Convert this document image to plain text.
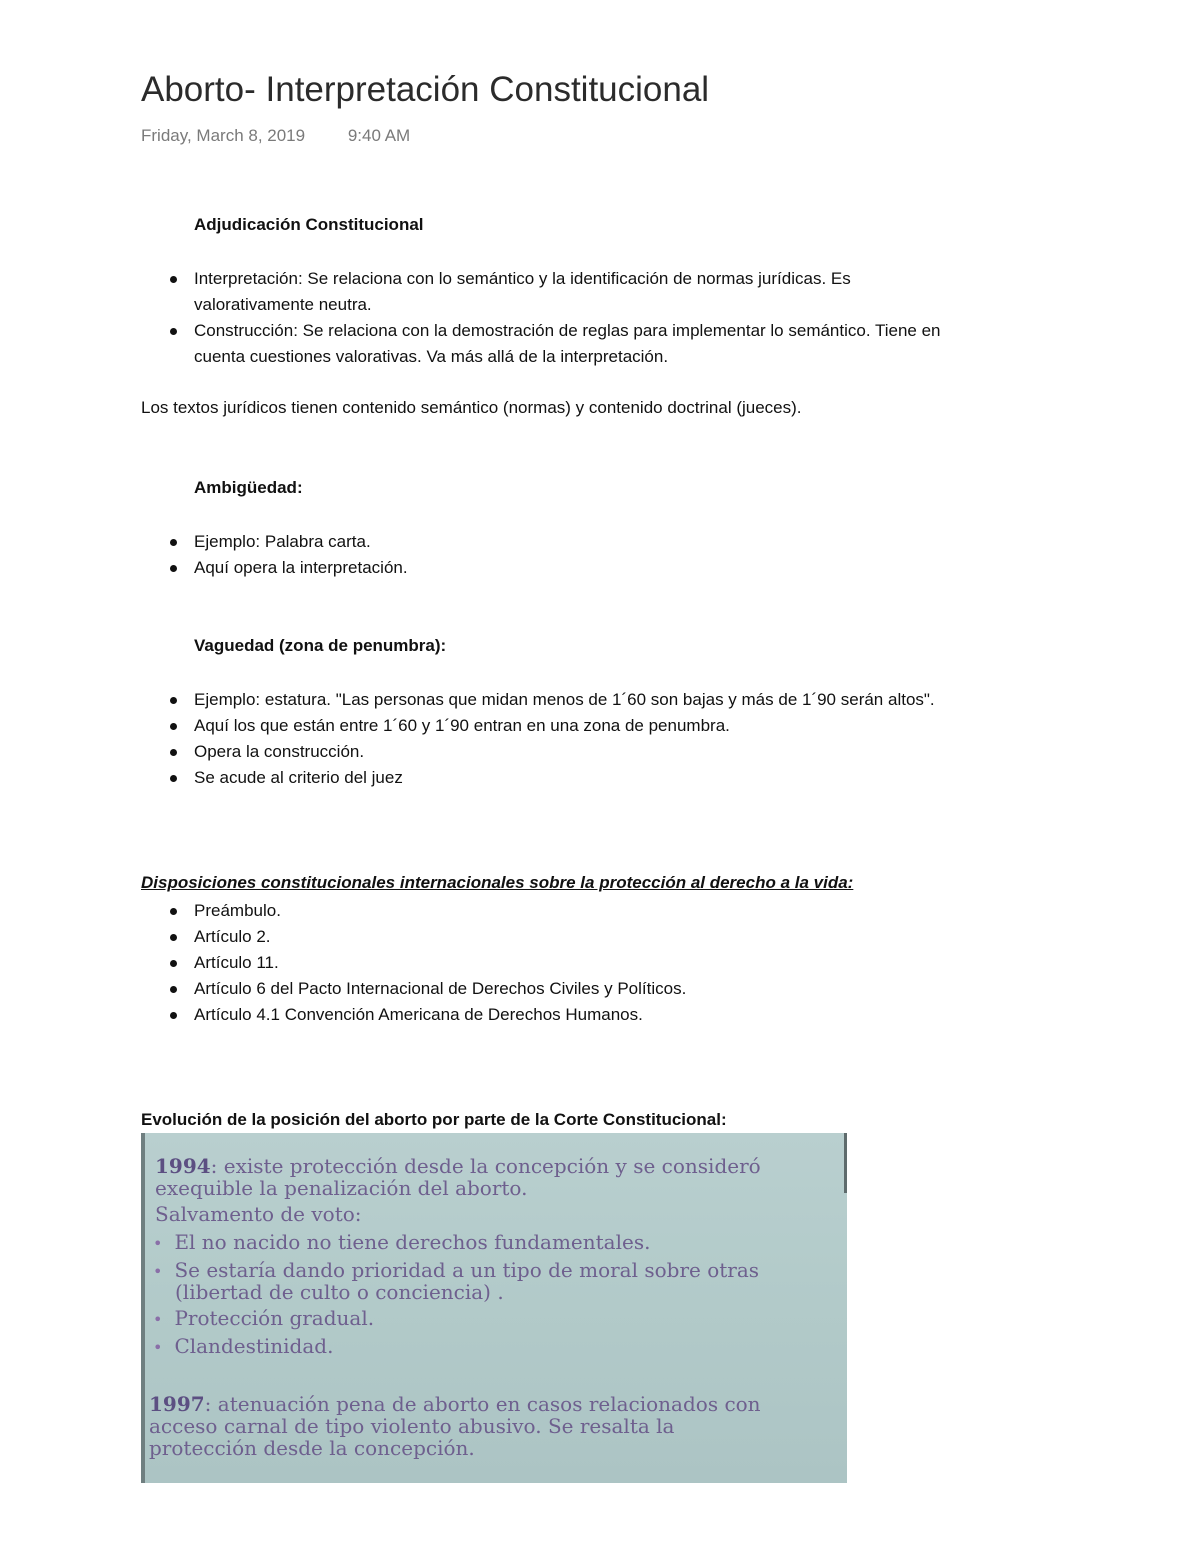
Aborto- Interpretación Constitucional
Friday, March 8, 2019	9:40 AM
Adjudicación Constitucional
Interpretación: Se relaciona con lo semántico y la identificación de normas jurídicas. Es
valorativamente neutra.
Construcción: Se relaciona con la demostración de reglas para implementar lo semántico. Tiene en
cuenta cuestiones valorativas. Va más allá de la interpretación.
Los textos jurídicos tienen contenido semántico (normas) y contenido doctrinal (jueces).
Ambigüedad:
Ejemplo: Palabra carta.
Aquí opera la interpretación.
Vaguedad (zona de penumbra):
Ejemplo: estatura. "Las personas que midan menos de 1´60 son bajas y más de 1´90 serán altos".
Aquí los que están entre 1´60 y 1´90 entran en una zona de penumbra.
Opera la construcción.
Se acude al criterio del juez
Disposiciones constitucionales internacionales sobre la protección al derecho a la vida:
Preámbulo.
Artículo 2.
Artículo 11.
Artículo 6 del Pacto Internacional de Derechos Civiles y Políticos.
Artículo 4.1 Convención Americana de Derechos Humanos.
Evolución de la posición del aborto por parte de la Corte Constitucional:
1994: existe protección desde la concepción y se consideró
exequible la penalización del aborto.
Salvamento de voto:
• El no nacido no tiene derechos fundamentales.
• Se estaría dando prioridad a un tipo de moral sobre otras
(libertad de culto o conciencia) .
• Protección gradual.
• Clandestinidad.
1997: atenuación pena de aborto en casos relacionados con
acceso carnal de tipo violento abusivo. Se resalta la
protección desde la concepción.
